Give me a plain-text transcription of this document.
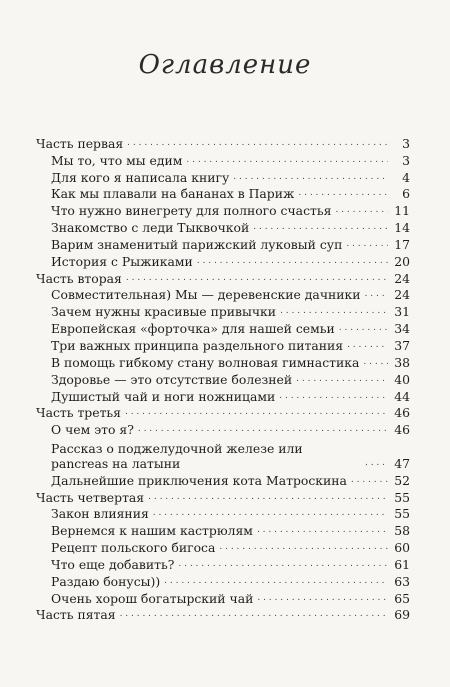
Оглавление
Часть первая . . .	3
Мы то, что мы едим . . .	3
Для кого я написала книгу . . .	4
Как мы плавали на бананах в Париж . . .	6
Что нужно винегрету для полного счастья . . .	11
Знакомство с леди Тыквочкой . . .	14
Варим знаменитый парижский луковый суп . . .	17
История с Рыжиками . . .	20
Часть вторая . . .	24
Совместительная) Мы — деревенские дачники . . .	24
Зачем нужны красивые привычки . . .	31
Европейская «форточка» для нашей семьи . . .	34
Три важных принципа раздельного питания . . .	37
В помощь гибкому стану волновая гимнастика . . .	38
Здоровье — это отсутствие болезней . . .	40
Душистый чай и ноги ножницами . . .	44
Часть третья . . .	46
О чем это я? . . .	46
Рассказ о поджелудочной железе или pancreas на латыни . . .	47
Дальнейшие приключения кота Матроскина . . .	52
Часть четвертая . . .	55
Закон влияния . . .	55
Вернемся к нашим кастрюлям . . .	58
Рецепт польского бигоса . . .	60
Что еще добавить? . . .	61
Раздаю бонусы)) . . .	63
Очень хорош богатырский чай . . .	65
Часть пятая . . .	69
